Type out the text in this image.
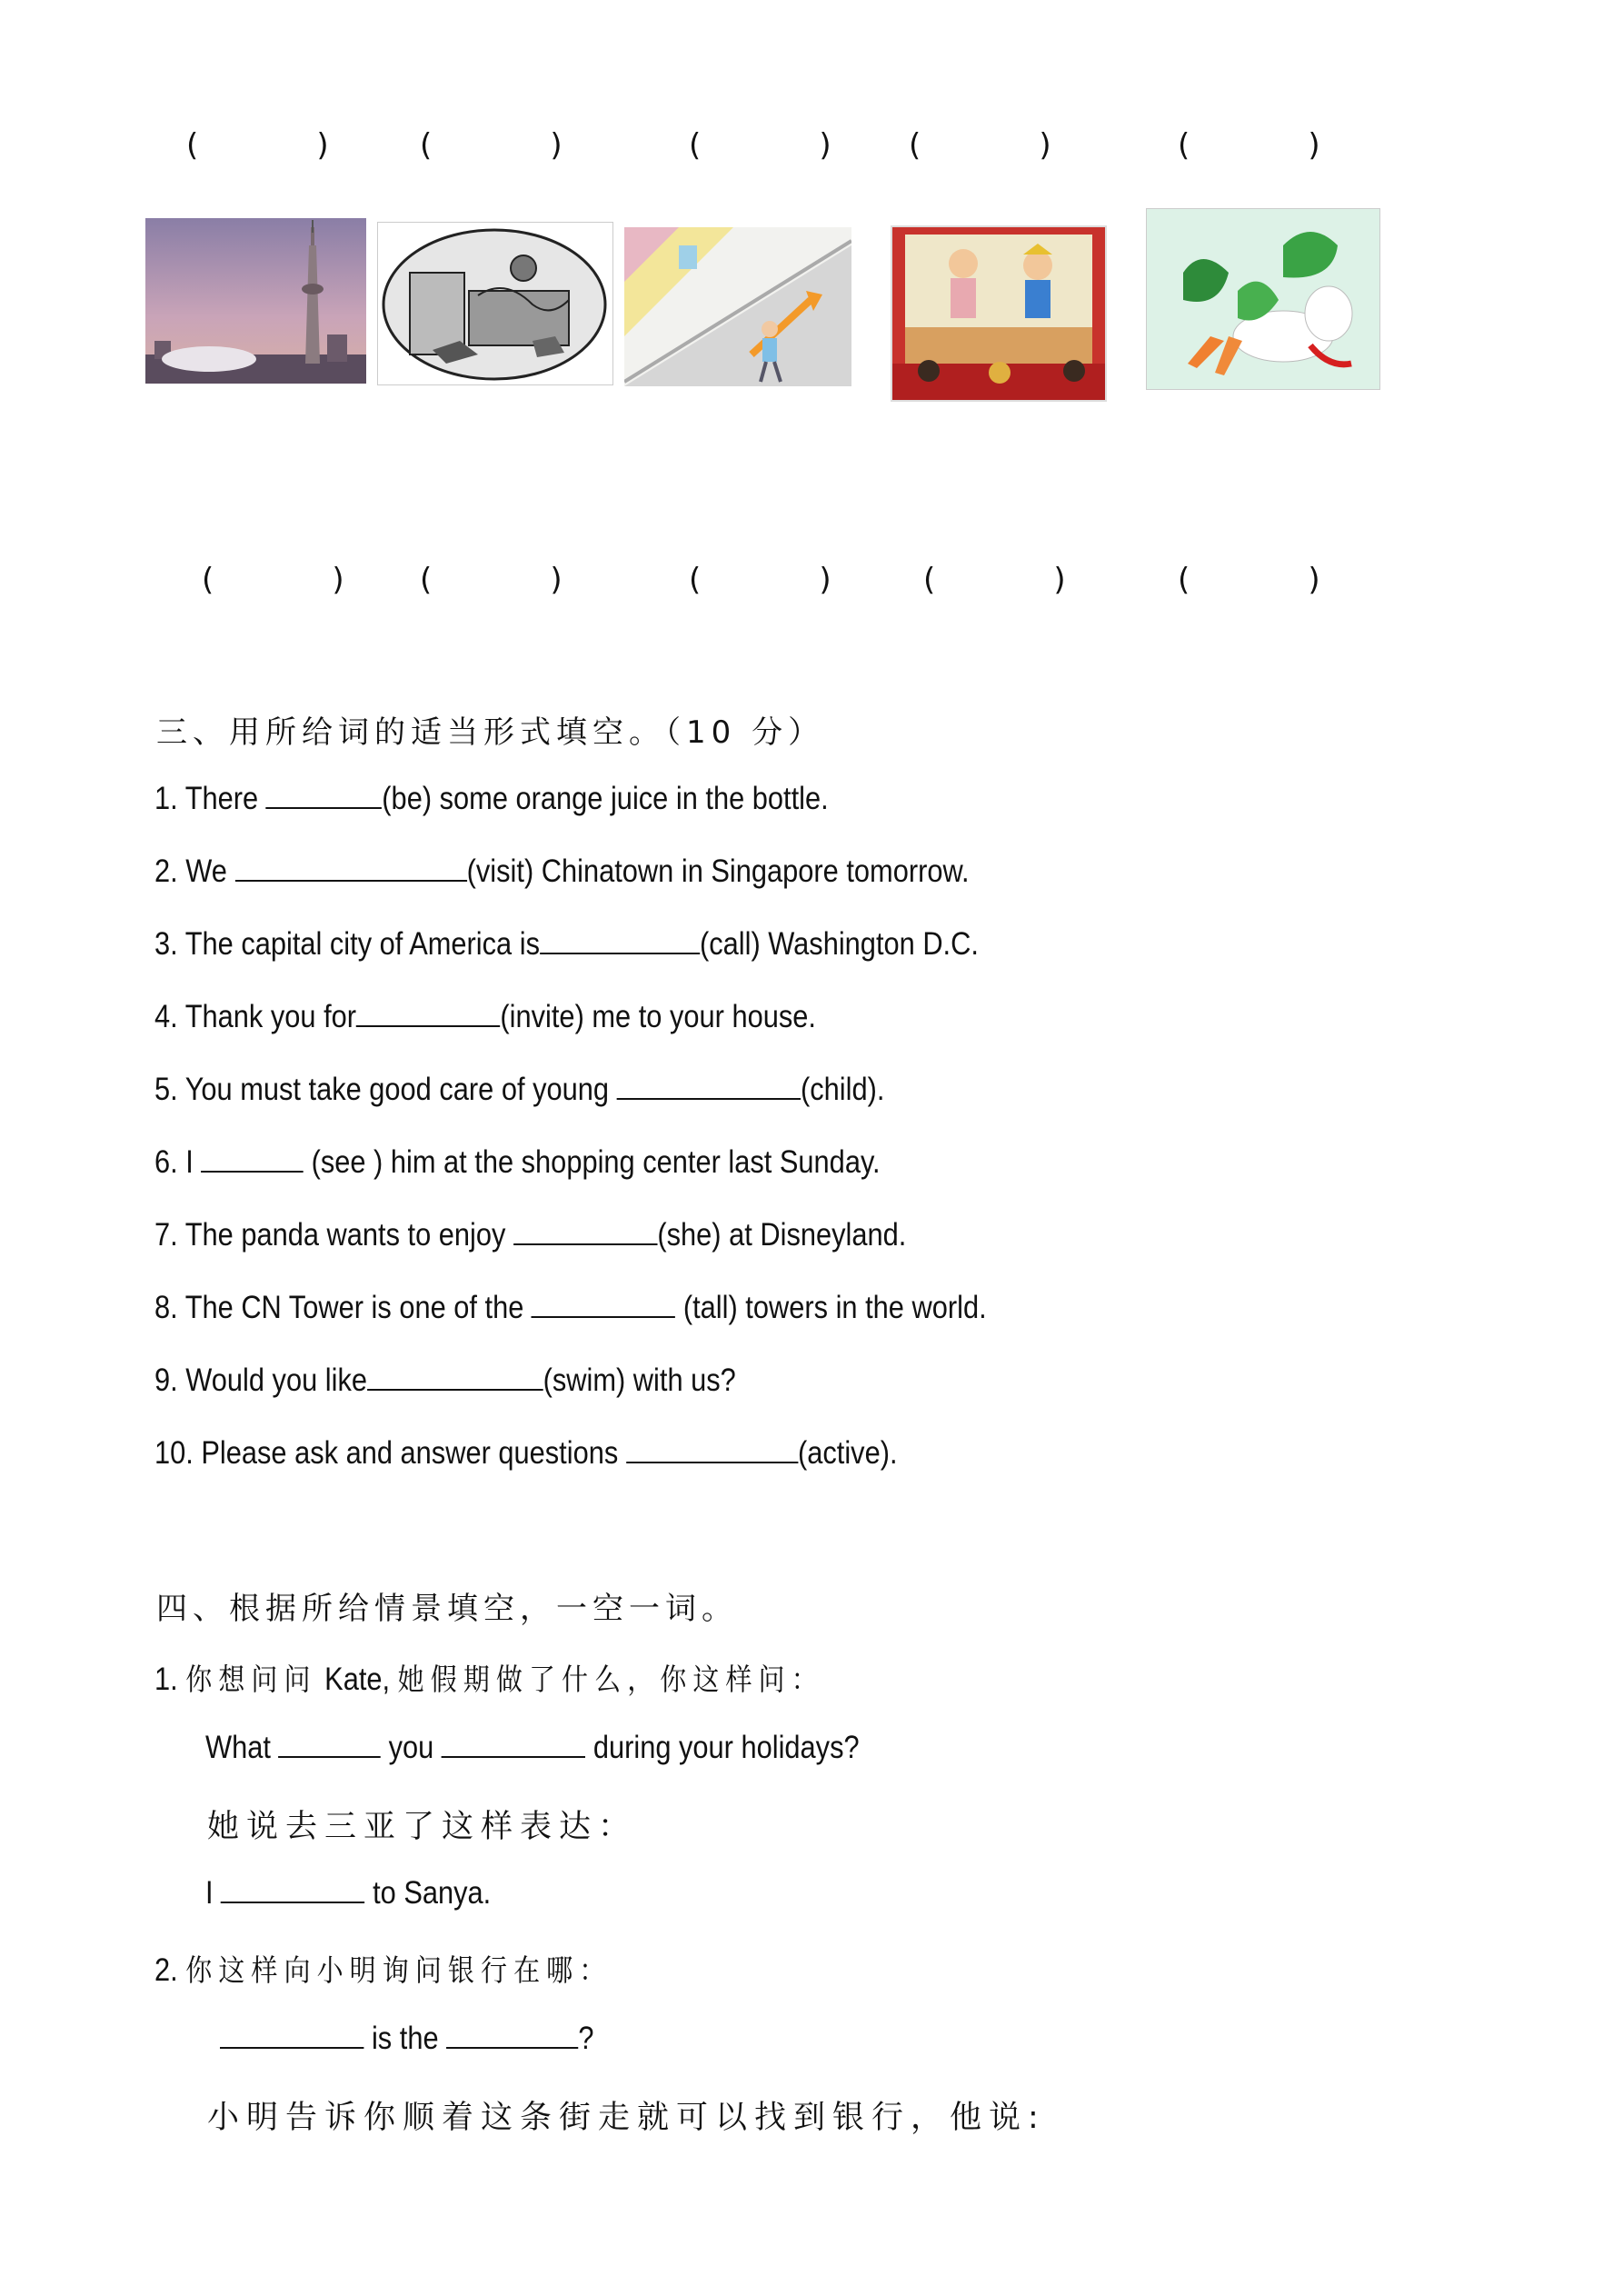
(          )	(          )	(          ) (          )	(          )
(          ) (          )	(          )	(          )	(          )
三、用所给词的适当形式填空。（10 分）
1. There	(be) some orange juice in the bottle.
2. We	(visit) Chinatown in Singapore tomorrow.
3. The capital city of America is	(call) Washington D.C.
4. Thank you for	(invite) me to your house.
5. You must take good care of young	(child).
6. I	(see ) him at the shopping center last Sunday.
7. The panda wants to enjoy	(she) at Disneyland.
8. The CN Tower is one of the	(tall) towers in the world.
9. Would you like	(swim) with us?
10. Please ask and answer questions	(active).
四、根据所给情景填空，一空一词。
1. 你想问问 Kate, 她假期做了什么，你这样问：
What	you	during your holidays?
她说去三亚了这样表达：
I	to Sanya.
2. 你这样向小明询问银行在哪：
is the	?
小明告诉你顺着这条街走就可以找到银行，他说:
